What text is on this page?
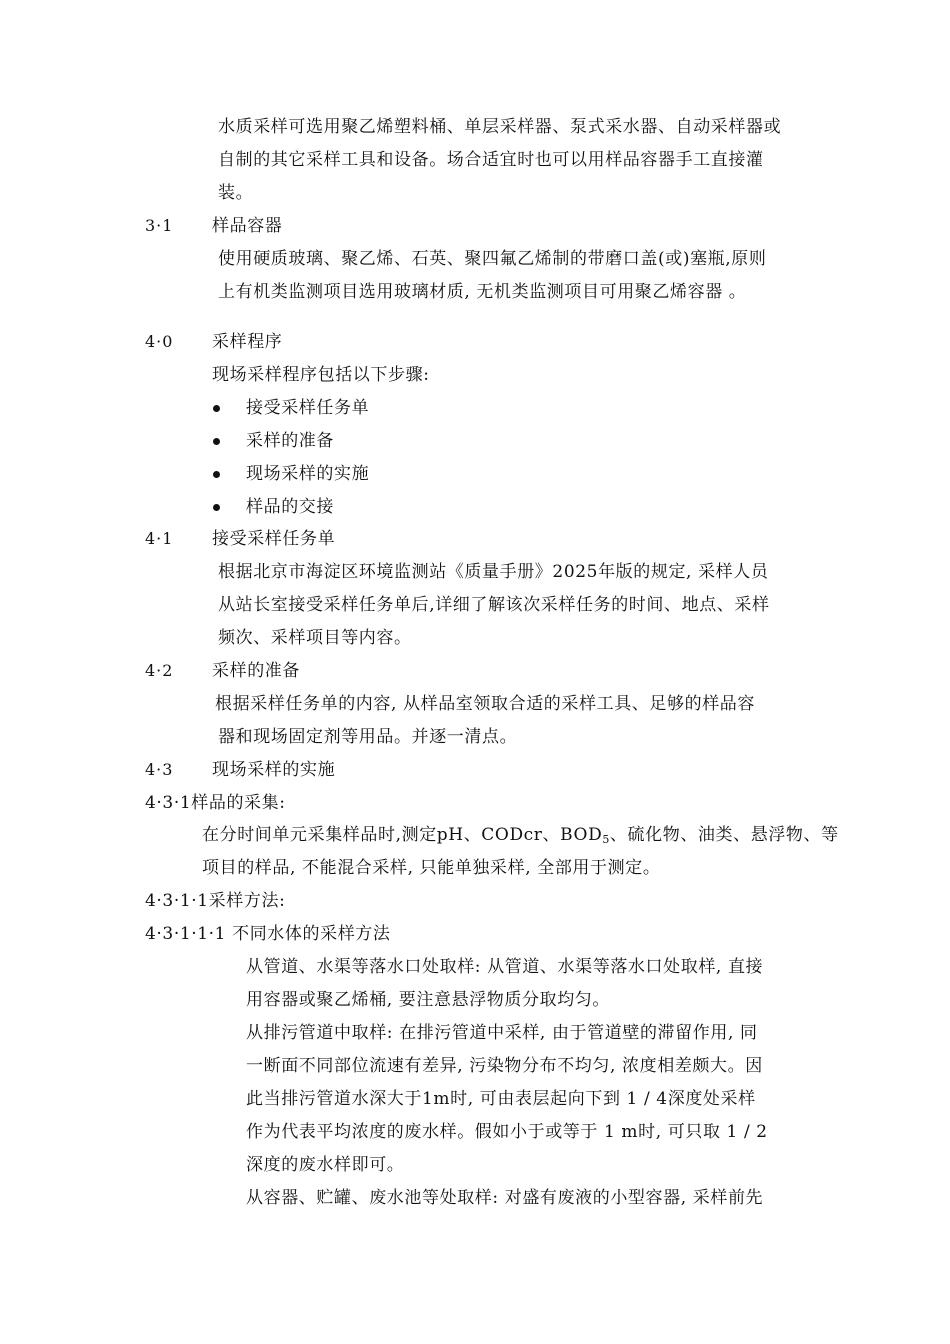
水质采样可选用聚乙烯塑料桶、单层采样器、泵式采水器、自动采样器或
自制的其它采样工具和设备。场合适宜时也可以用样品容器手工直接灌
装。
3·1 样品容器
使用硬质玻璃、聚乙烯、石英、聚四氟乙烯制的带磨口盖(或)塞瓶,原则
上有机类监测项目选用玻璃材质, 无机类监测项目可用聚乙烯容器 。
4·0 采样程序
现场采样程序包括以下步骤:
接受采样任务单
采样的准备
现场采样的实施
样品的交接
4·1 接受采样任务单
根据北京市海淀区环境监测站《质量手册》2025年版的规定, 采样人员
从站长室接受采样任务单后,详细了解该次采样任务的时间、地点、采样
频次、采样项目等内容。
4·2 采样的准备
根据采样任务单的内容, 从样品室领取合适的采样工具、足够的样品容
器和现场固定剂等用品。并逐一清点。
4·3 现场采样的实施
4·3·1样品的采集:
在分时间单元采集样品时,测定pH、CODcr、$BOD_5$、硫化物、油类、悬浮物、等
项目的样品, 不能混合采样, 只能单独采样, 全部用于测定。
4·3·1·1采样方法:
4·3·1·1·1 不同水体的采样方法
从管道、水渠等落水口处取样: 从管道、水渠等落水口处取样, 直接
用容器或聚乙烯桶, 要注意悬浮物质分取均匀。
从排污管道中取样: 在排污管道中采样, 由于管道壁的滞留作用, 同
一断面不同部位流速有差异, 污染物分布不均匀, 浓度相差颇大。因
此当排污管道水深大于1m时, 可由表层起向下到 1 / 4深度处采样
作为代表平均浓度的废水样。假如小于或等于 1 m时, 可只取 1 / 2
深度的废水样即可。
从容器、贮罐、废水池等处取样: 对盛有废液的小型容器, 采样前先
